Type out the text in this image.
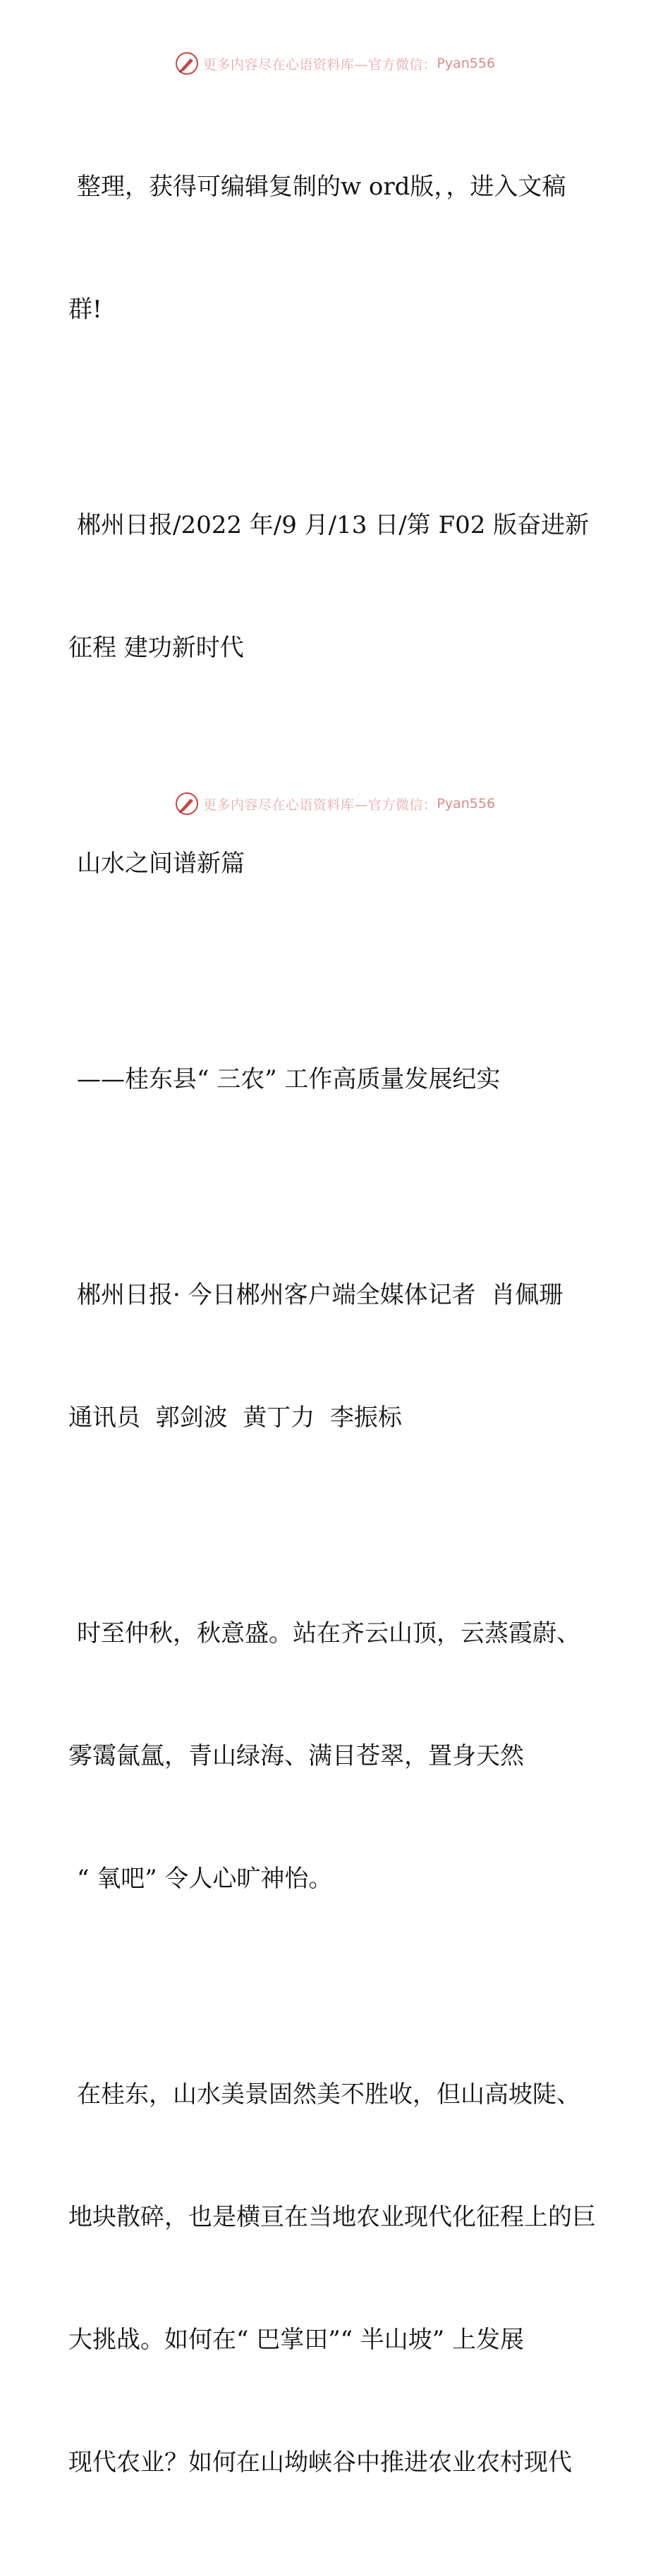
更多内容尽在心语资料库—官方微信： Pyan556

整理，获得可编辑复制的w ord版，，进入文稿

群!

郴州日报/2022 年/9 月/13 日/第 F02 版奋进新

征程 建功新时代

山水之间谱新篇

——桂东县“ 三农” 工作高质量发展纪实

郴州日报· 今日郴州客户端全媒体记者  肖佩珊

通讯员  郭剑波  黄丁力  李振标

时至仲秋，秋意盛。站在齐云山顶，云蒸霞蔚、

雾霭氤氲，青山绿海、满目苍翠，置身天然

“ 氧吧” 令人心旷神怡。

在桂东，山水美景固然美不胜收，但山高坡陡、

地块散碎，也是横亘在当地农业现代化征程上的巨

大挑战。如何在“ 巴掌田”“ 半山坡” 上发展

现代农业？如何在山坳峡谷中推进农业农村现代

更多内容尽在心语资料库—官方微信： Pyan556
